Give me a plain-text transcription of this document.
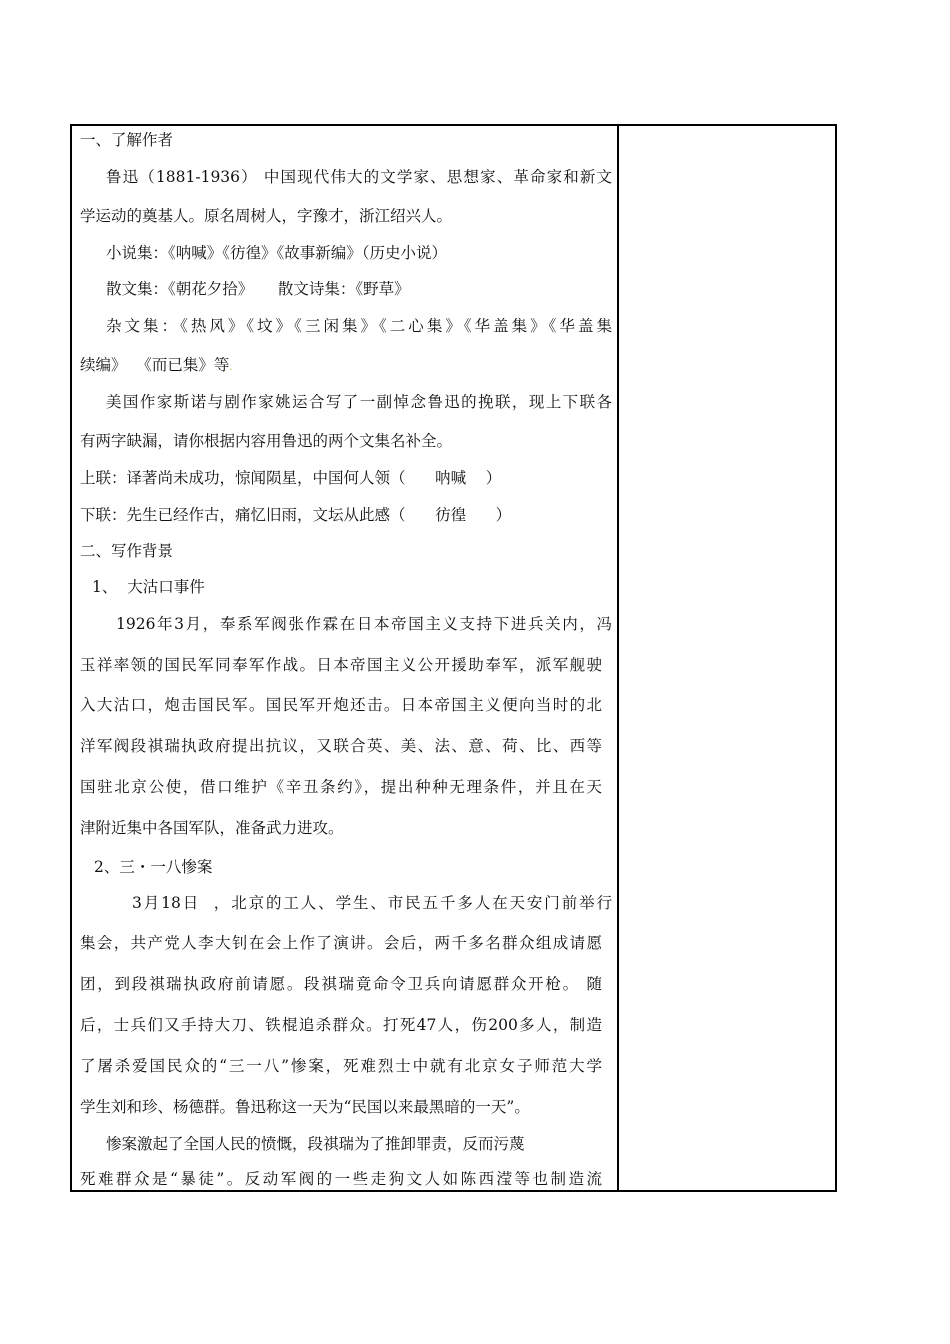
一、了解作者
鲁迅（1881-1936） 中国现代伟大的文学家、思想家、革命家和新文
学运动的奠基人。原名周树人，字豫才，浙江绍兴人。
小说集：《呐喊》《彷徨》《故事新编》（历史小说）
散文集：《朝花夕拾》     散文诗集：《野草》
杂文集：《热风》《坟》《三闲集》《二心集》《华盖集》《华盖集
续编》  《而已集》等.
美国作家斯诺与剧作家姚运合写了一副悼念鲁迅的挽联，现上下联各
有两字缺漏，请你根据内容用鲁迅的两个文集名补全。
上联：译著尚未成功，惊闻陨星，中国何人领（      呐喊    ）
下联：先生已经作古，痛忆旧雨，文坛从此感（      彷徨      ）
二、写作背景
1、  大沽口事件
1926年3月，奉系军阀张作霖在日本帝国主义支持下进兵关内，冯
玉祥率领的国民军同奉军作战。日本帝国主义公开援助奉军，派军舰驶
入大沽口，炮击国民军。国民军开炮还击。日本帝国主义便向当时的北
洋军阀段祺瑞执政府提出抗议，又联合英、美、法、意、荷、比、西等
国驻北京公使，借口维护《辛丑条约》，提出种种无理条件，并且在天
津附近集中各国军队，准备武力进攻。
2、三・一八惨案
3月18日  ，北京的工人、学生、市民五千多人在天安门前举行
集会，共产党人李大钊在会上作了演讲。会后，两千多名群众组成请愿
团，到段祺瑞执政府前请愿。段祺瑞竟命令卫兵向请愿群众开枪。 随
后，士兵们又手持大刀、铁棍追杀群众。打死47人，伤200多人，制造
了屠杀爱国民众的“三一八”惨案，死难烈士中就有北京女子师范大学
学生刘和珍、杨德群。鲁迅称这一天为“民国以来最黑暗的一天”。
惨案激起了全国人民的愤慨，段祺瑞为了推卸罪责，反而污蔑
死难群众是“暴徒”。反动军阀的一些走狗文人如陈西滢等也制造流
